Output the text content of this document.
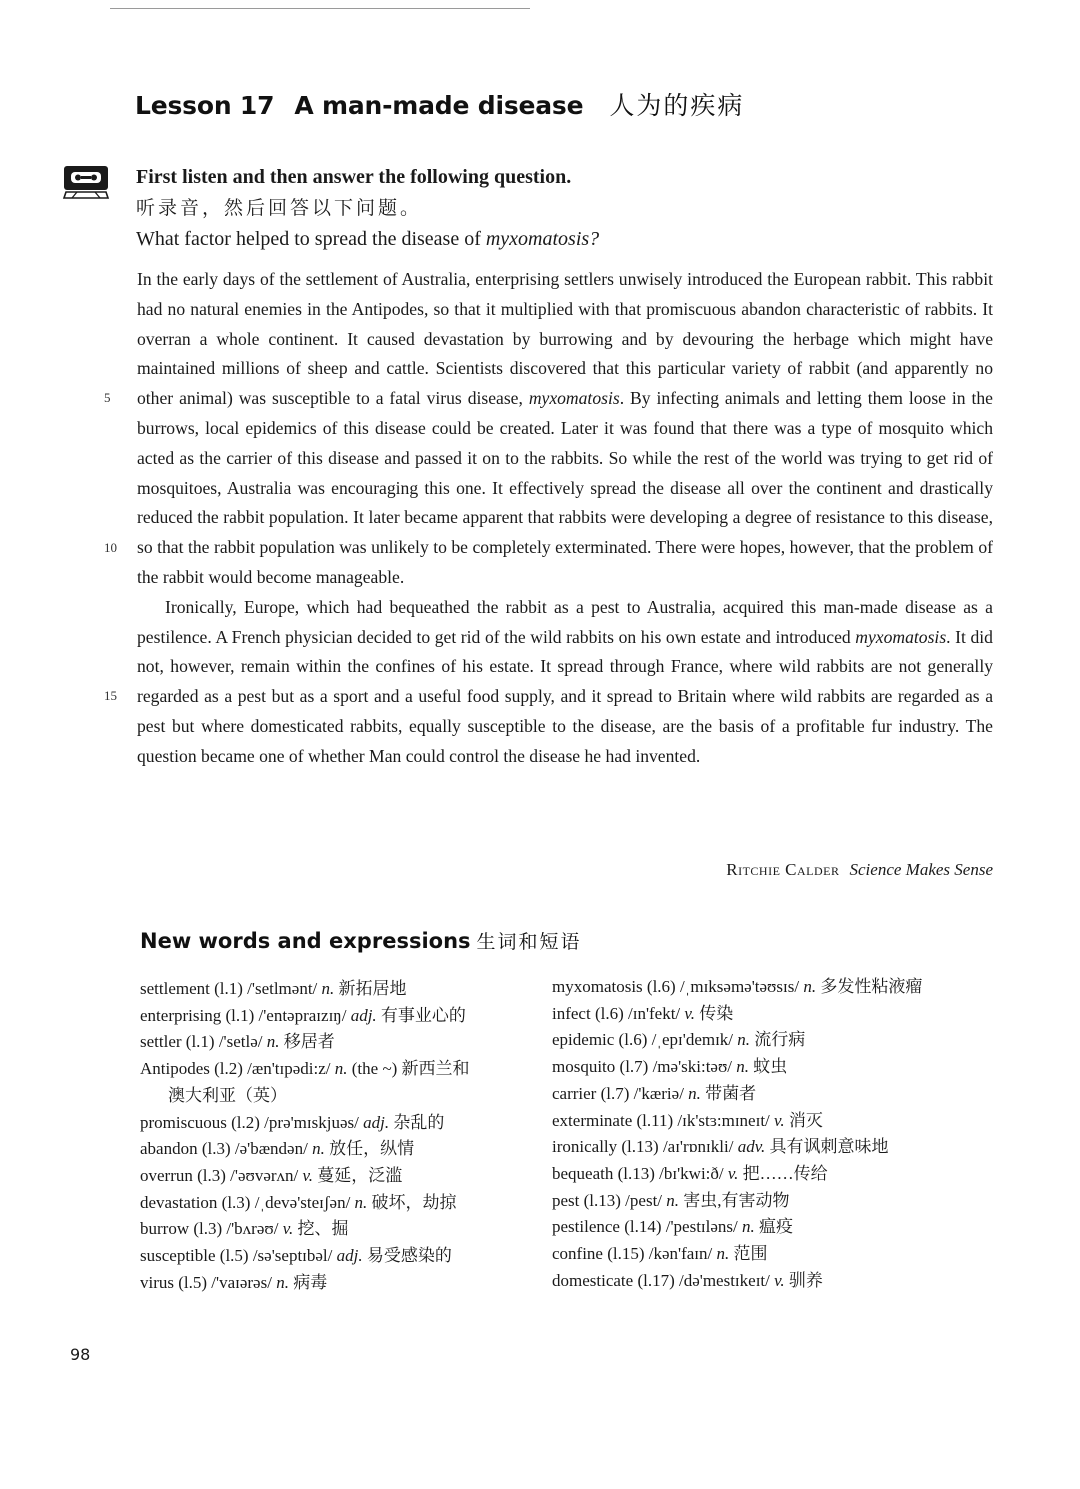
Lesson 17 A man-made disease 人为的疾病
First listen and then answer the following question.
听录音，然后回答以下问题。
What factor helped to spread the disease of myxomatosis?

In the early days of the settlement of Australia, enterprising settlers unwisely introduced the European rabbit. This rabbit had no natural enemies in the Antipodes, so that it multiplied with that promiscuous abandon characteristic of rabbits. It overran a whole continent. It caused devastation by burrowing and by devouring the herbage which might have maintained millions of sheep and cattle. Scientists discovered that this particular variety of rabbit (and apparently no other animal) was susceptible to a fatal virus disease, myxomatosis. By infecting animals and letting them loose in the burrows, local epidemics of this disease could be created. Later it was found that there was a type of mosquito which acted as the carrier of this disease and passed it on to the rabbits. So while the rest of the world was trying to get rid of mosquitoes, Australia was encouraging this one. It effectively spread the disease all over the continent and drastically reduced the rabbit population. It later became apparent that rabbits were developing a degree of resistance to this disease, so that the rabbit population was unlikely to be completely exterminated. There were hopes, however, that the problem of the rabbit would become manageable.

Ironically, Europe, which had bequeathed the rabbit as a pest to Australia, acquired this man-made disease as a pestilence. A French physician decided to get rid of the wild rabbits on his own estate and introduced myxomatosis. It did not, however, remain within the confines of his estate. It spread through France, where wild rabbits are not generally regarded as a pest but as a sport and a useful food supply, and it spread to Britain where wild rabbits are regarded as a pest but where domesticated rabbits, equally susceptible to the disease, are the basis of a profitable fur industry. The question became one of whether Man could control the disease he had invented.

5
10
15
Ritchie Calder Science Makes Sense
New words and expressions 生词和短语
settlement (l.1) /'setlmənt/ n. 新拓居地
enterprising (l.1) /'entəpraɪzɪŋ/ adj. 有事业心的
settler (l.1) /'setlə/ n. 移居者
Antipodes (l.2) /æn'tɪpədi:z/ n. (the ~) 新西兰和
澳大利亚（英）
promiscuous (l.2) /prə'mɪskjuəs/ adj. 杂乱的
abandon (l.3) /ə'bændən/ n. 放任，纵情
overrun (l.3) /'əʊvərʌn/ v. 蔓延，泛滥
devastation (l.3) /ˌdevə'steɪʃən/ n. 破坏，劫掠
burrow (l.3) /'bʌrəʊ/ v. 挖、掘
susceptible (l.5) /sə'septɪbəl/ adj. 易受感染的
virus (l.5) /'vaɪərəs/ n. 病毒
myxomatosis (l.6) /ˌmɪksəmə'təʊsɪs/ n. 多发性粘液瘤
infect (l.6) /ɪn'fekt/ v. 传染
epidemic (l.6) /ˌepɪ'demɪk/ n. 流行病
mosquito (l.7) /mə'ski:təʊ/ n. 蚊虫
carrier (l.7) /'kæriə/ n. 带菌者
exterminate (l.11) /ɪk'stɜ:mɪneɪt/ v. 消灭
ironically (l.13) /aɪ'rɒnɪkli/ adv. 具有讽刺意味地
bequeath (l.13) /bɪ'kwi:ð/ v. 把……传给
pest (l.13) /pest/ n. 害虫,有害动物
pestilence (l.14) /'pestɪləns/ n. 瘟疫
confine (l.15) /kən'faɪn/ n. 范围
domesticate (l.17) /də'mestɪkeɪt/ v. 驯养
98
